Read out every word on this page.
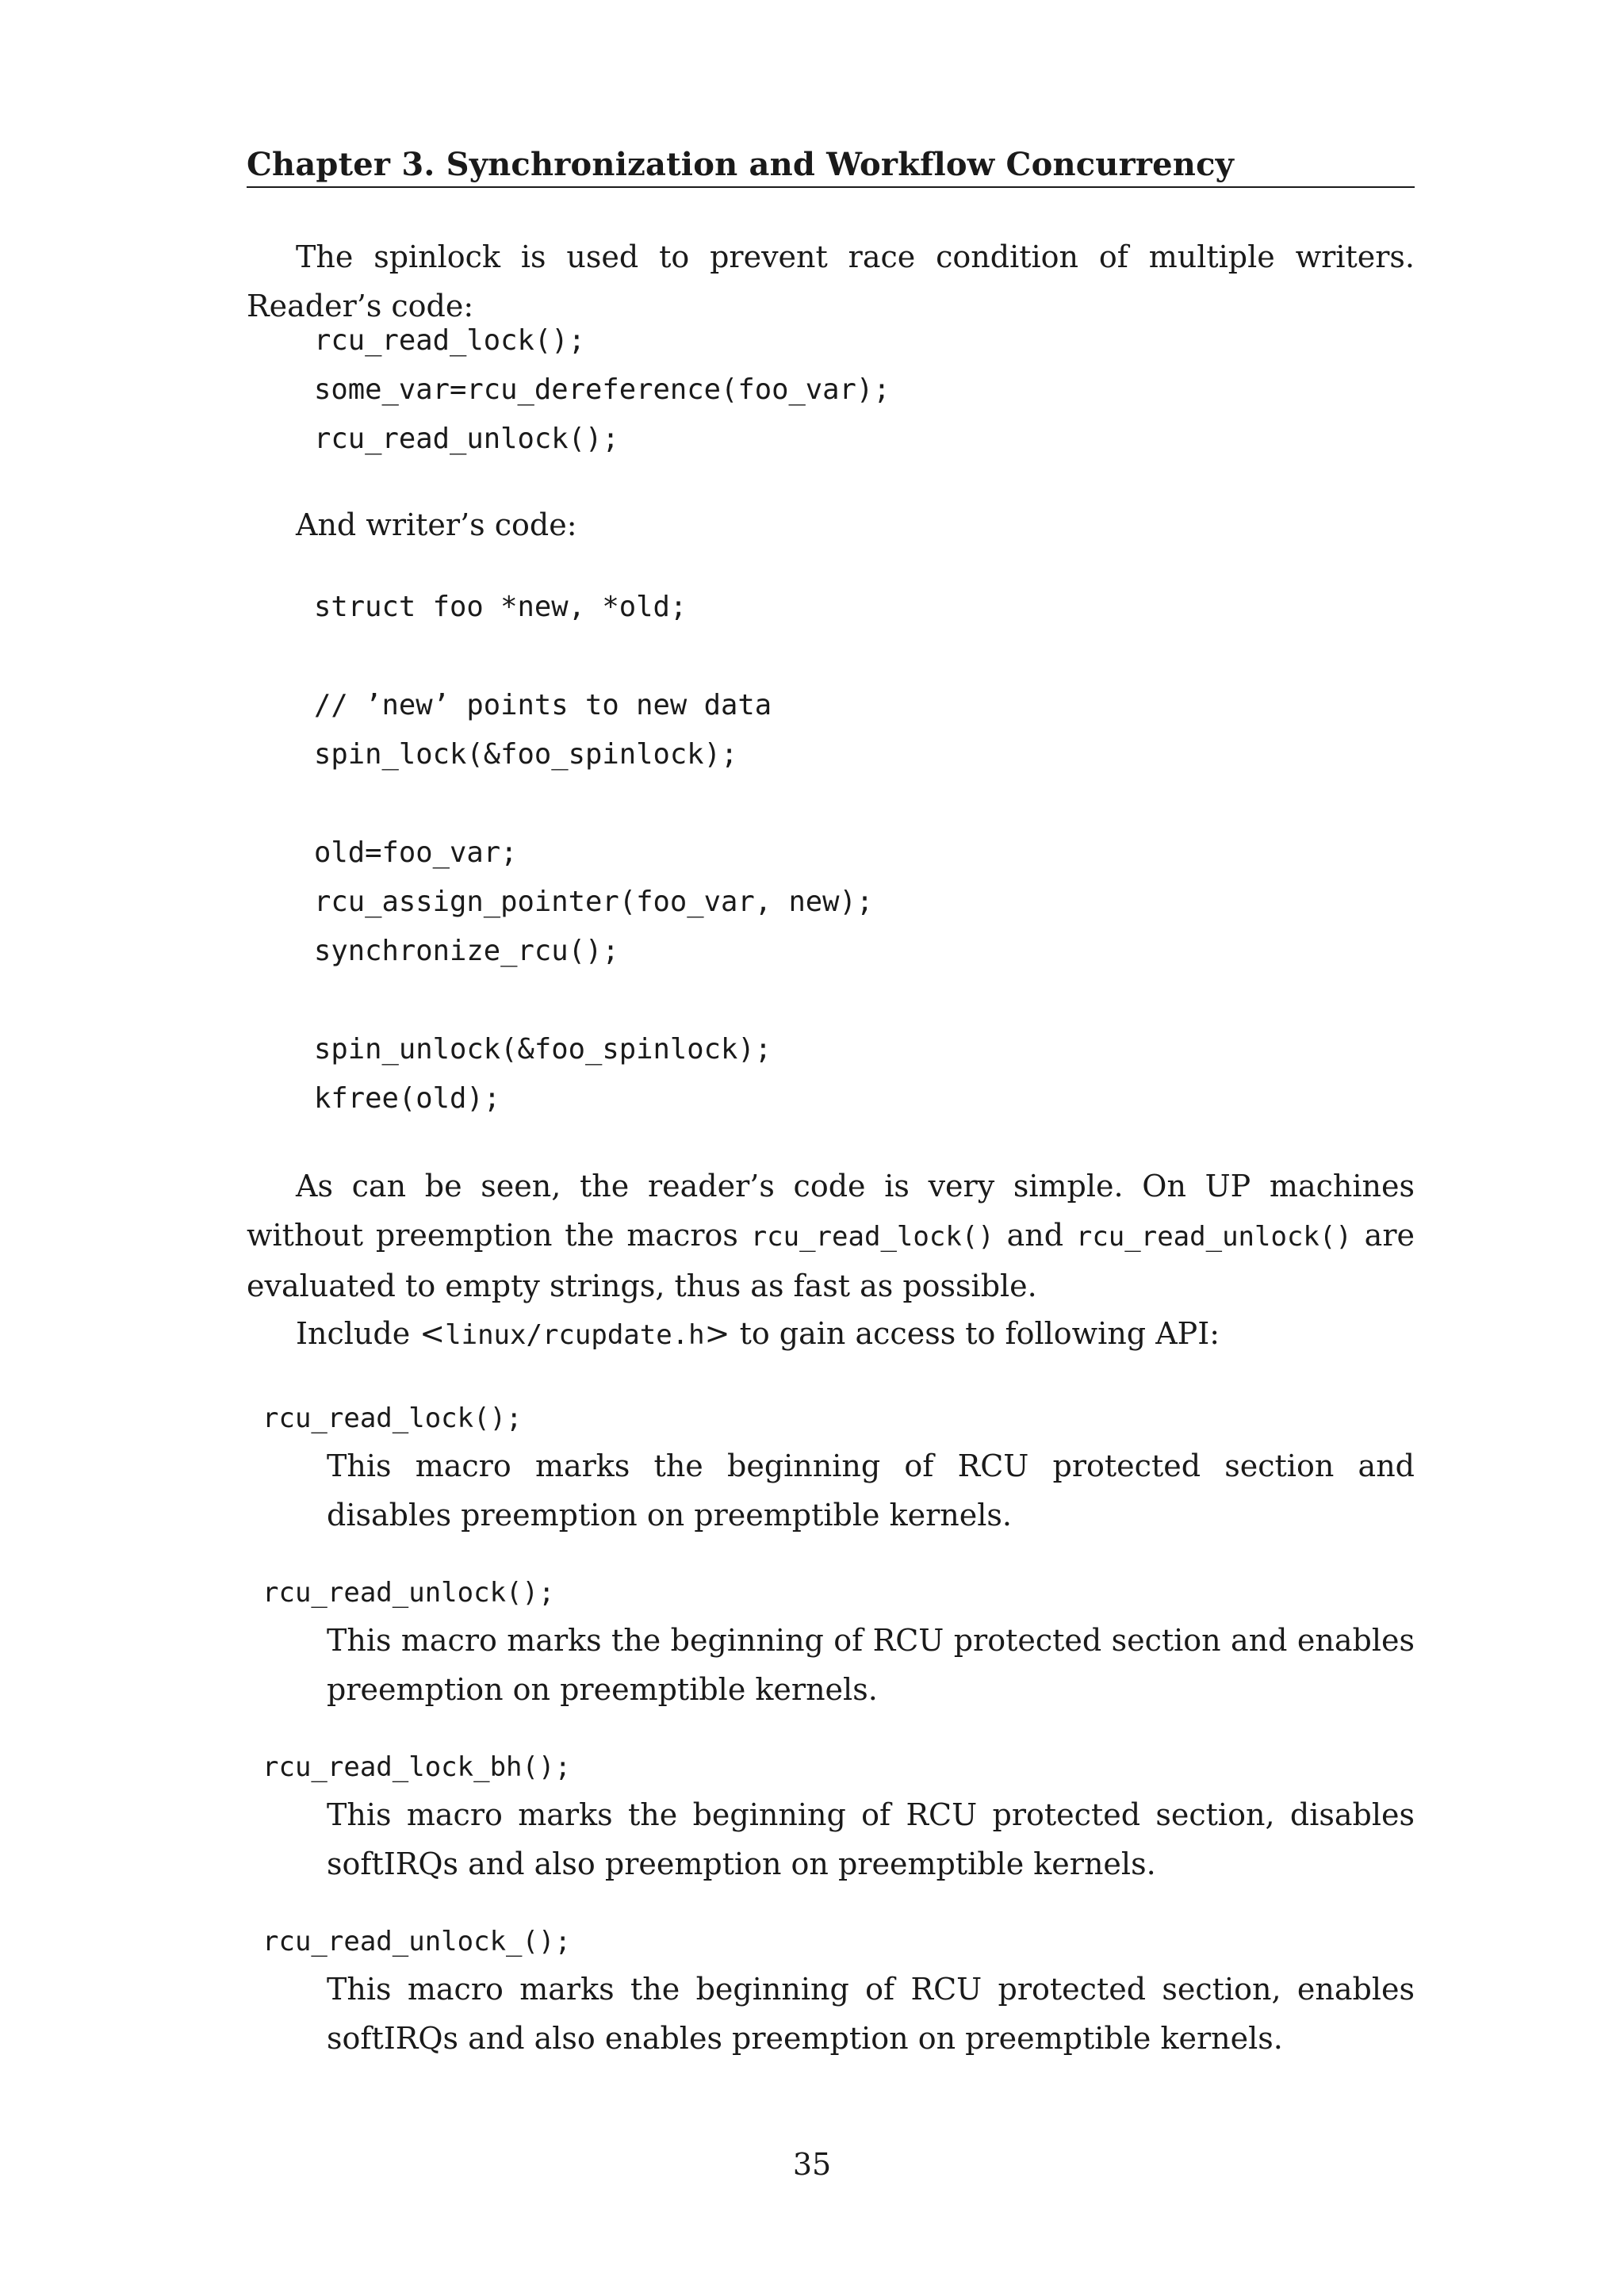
Chapter 3. Synchronization and Workflow Concurrency
The spinlock is used to prevent race condition of multiple writers. Reader’s code:
rcu_read_lock();
some_var=rcu_dereference(foo_var);
rcu_read_unlock();
And writer’s code:
struct foo *new, *old;
// ’new’ points to new data
spin_lock(&foo_spinlock);
old=foo_var;
rcu_assign_pointer(foo_var, new);
synchronize_rcu();
spin_unlock(&foo_spinlock);
kfree(old);
As can be seen, the reader’s code is very simple. On UP machines without preemption the macros rcu_read_lock() and rcu_read_unlock() are evaluated to empty strings, thus as fast as possible.
Include <linux/rcupdate.h> to gain access to following API:
rcu_read_lock();
This macro marks the beginning of RCU protected section and disables preemption on preemptible kernels.
rcu_read_unlock();
This macro marks the beginning of RCU protected section and enables preemption on preemptible kernels.
rcu_read_lock_bh();
This macro marks the beginning of RCU protected section, disables softIRQs and also preemption on preemptible kernels.
rcu_read_unlock_();
This macro marks the beginning of RCU protected section, enables softIRQs and also enables preemption on preemptible kernels.
35
